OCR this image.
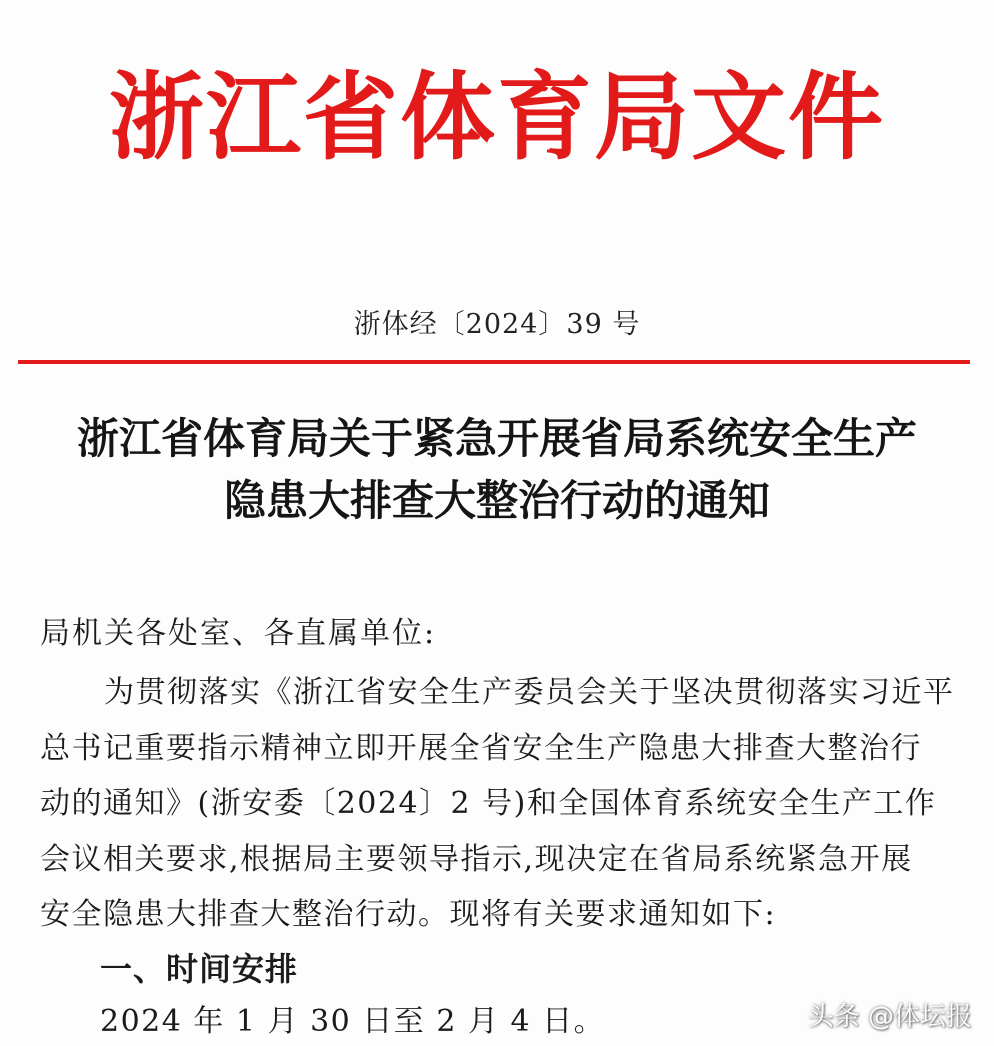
浙江省体育局文件
浙体经〔2024〕39 号
浙江省体育局关于紧急开展省局系统安全生产
隐患大排查大整治行动的通知
局机关各处室、各直属单位:
为贯彻落实《浙江省安全生产委员会关于坚决贯彻落实习近平
总书记重要指示精神立即开展全省安全生产隐患大排查大整治行
动的通知》(浙安委〔2024〕2 号)和全国体育系统安全生产工作
会议相关要求,根据局主要领导指示,现决定在省局系统紧急开展
安全隐患大排查大整治行动。现将有关要求通知如下:
一、时间安排
2024 年 1 月 30 日至 2 月 4 日。	头条 @体坛报
